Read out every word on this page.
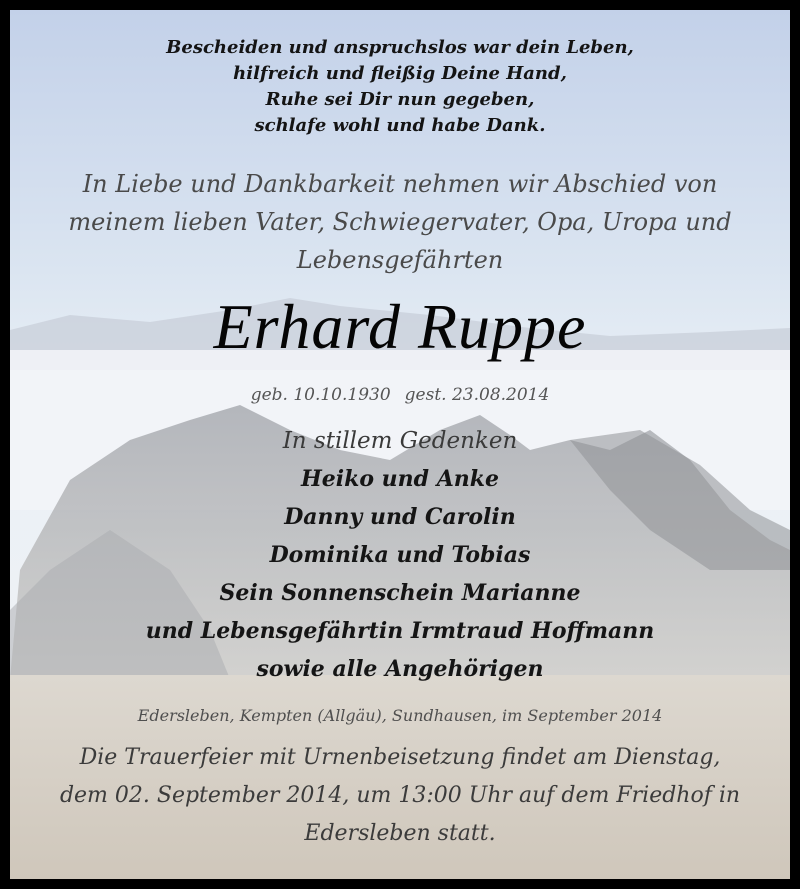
Bescheiden und anspruchslos war dein Leben,
hilfreich und fleißig Deine Hand,
Ruhe sei Dir nun gegeben,
schlafe wohl und habe Dank.
In Liebe und Dankbarkeit nehmen wir Abschied von
meinem lieben Vater, Schwiegervater, Opa, Uropa und
Lebensgefährten
Erhard Ruppe
geb. 10.10.1930 gest. 23.08.2014
In stillem Gedenken
Heiko und Anke
Danny und Carolin
Dominika und Tobias
Sein Sonnenschein Marianne
und Lebensgefährtin Irmtraud Hoffmann
sowie alle Angehörigen
Edersleben, Kempten (Allgäu), Sundhausen, im September 2014
Die Trauerfeier mit Urnenbeisetzung findet am Dienstag,
dem 02. September 2014, um 13:00 Uhr auf dem Friedhof in
Edersleben statt.
